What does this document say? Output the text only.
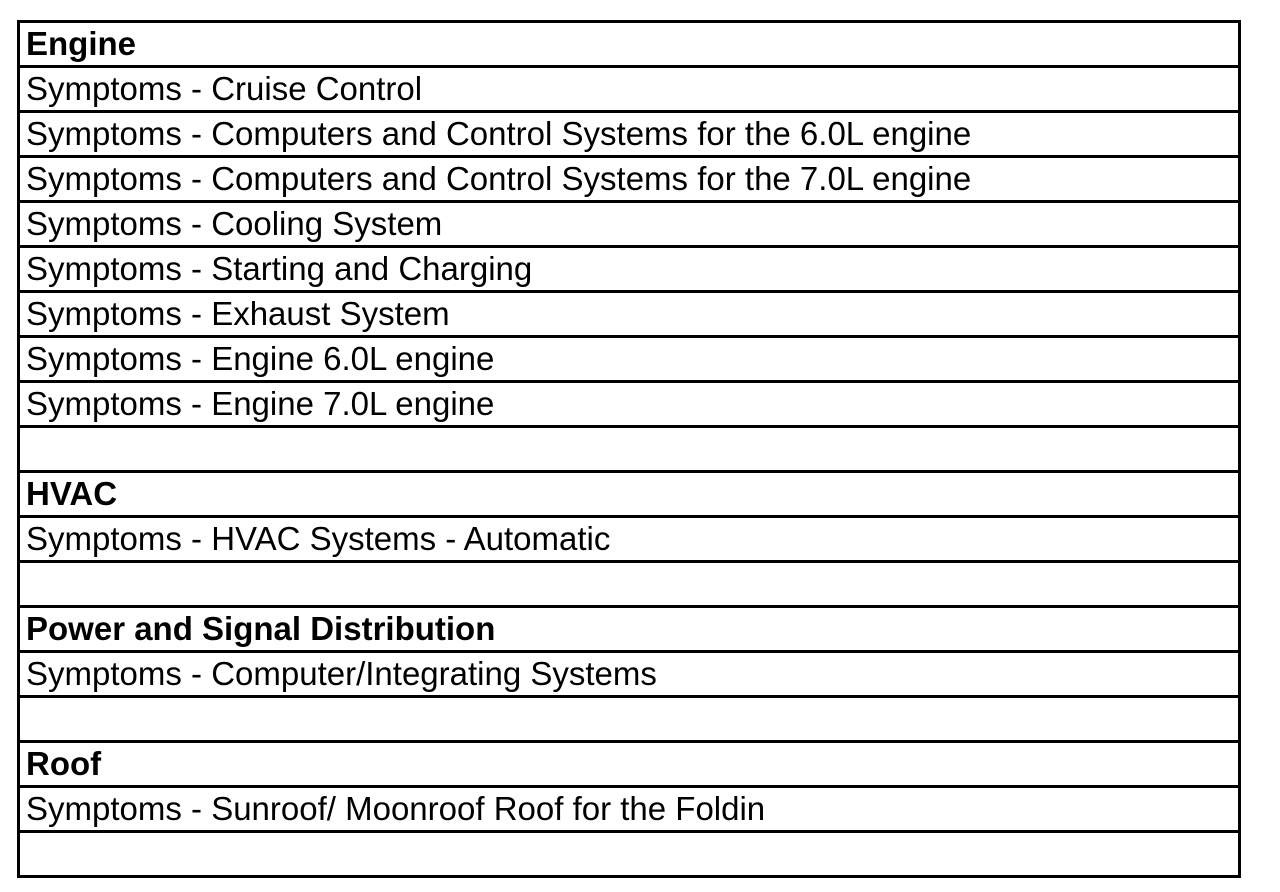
Engine
Symptoms - Cruise Control
Symptoms - Computers and Control Systems for the 6.0L engine
Symptoms - Computers and Control Systems for the 7.0L engine
Symptoms - Cooling System
Symptoms - Starting and Charging
Symptoms - Exhaust System
Symptoms - Engine 6.0L engine
Symptoms - Engine 7.0L engine
HVAC
Symptoms - HVAC Systems - Automatic
Power and Signal Distribution
Symptoms - Computer/Integrating Systems
Roof
Symptoms - Sunroof/ Moonroof Roof for the Foldin
